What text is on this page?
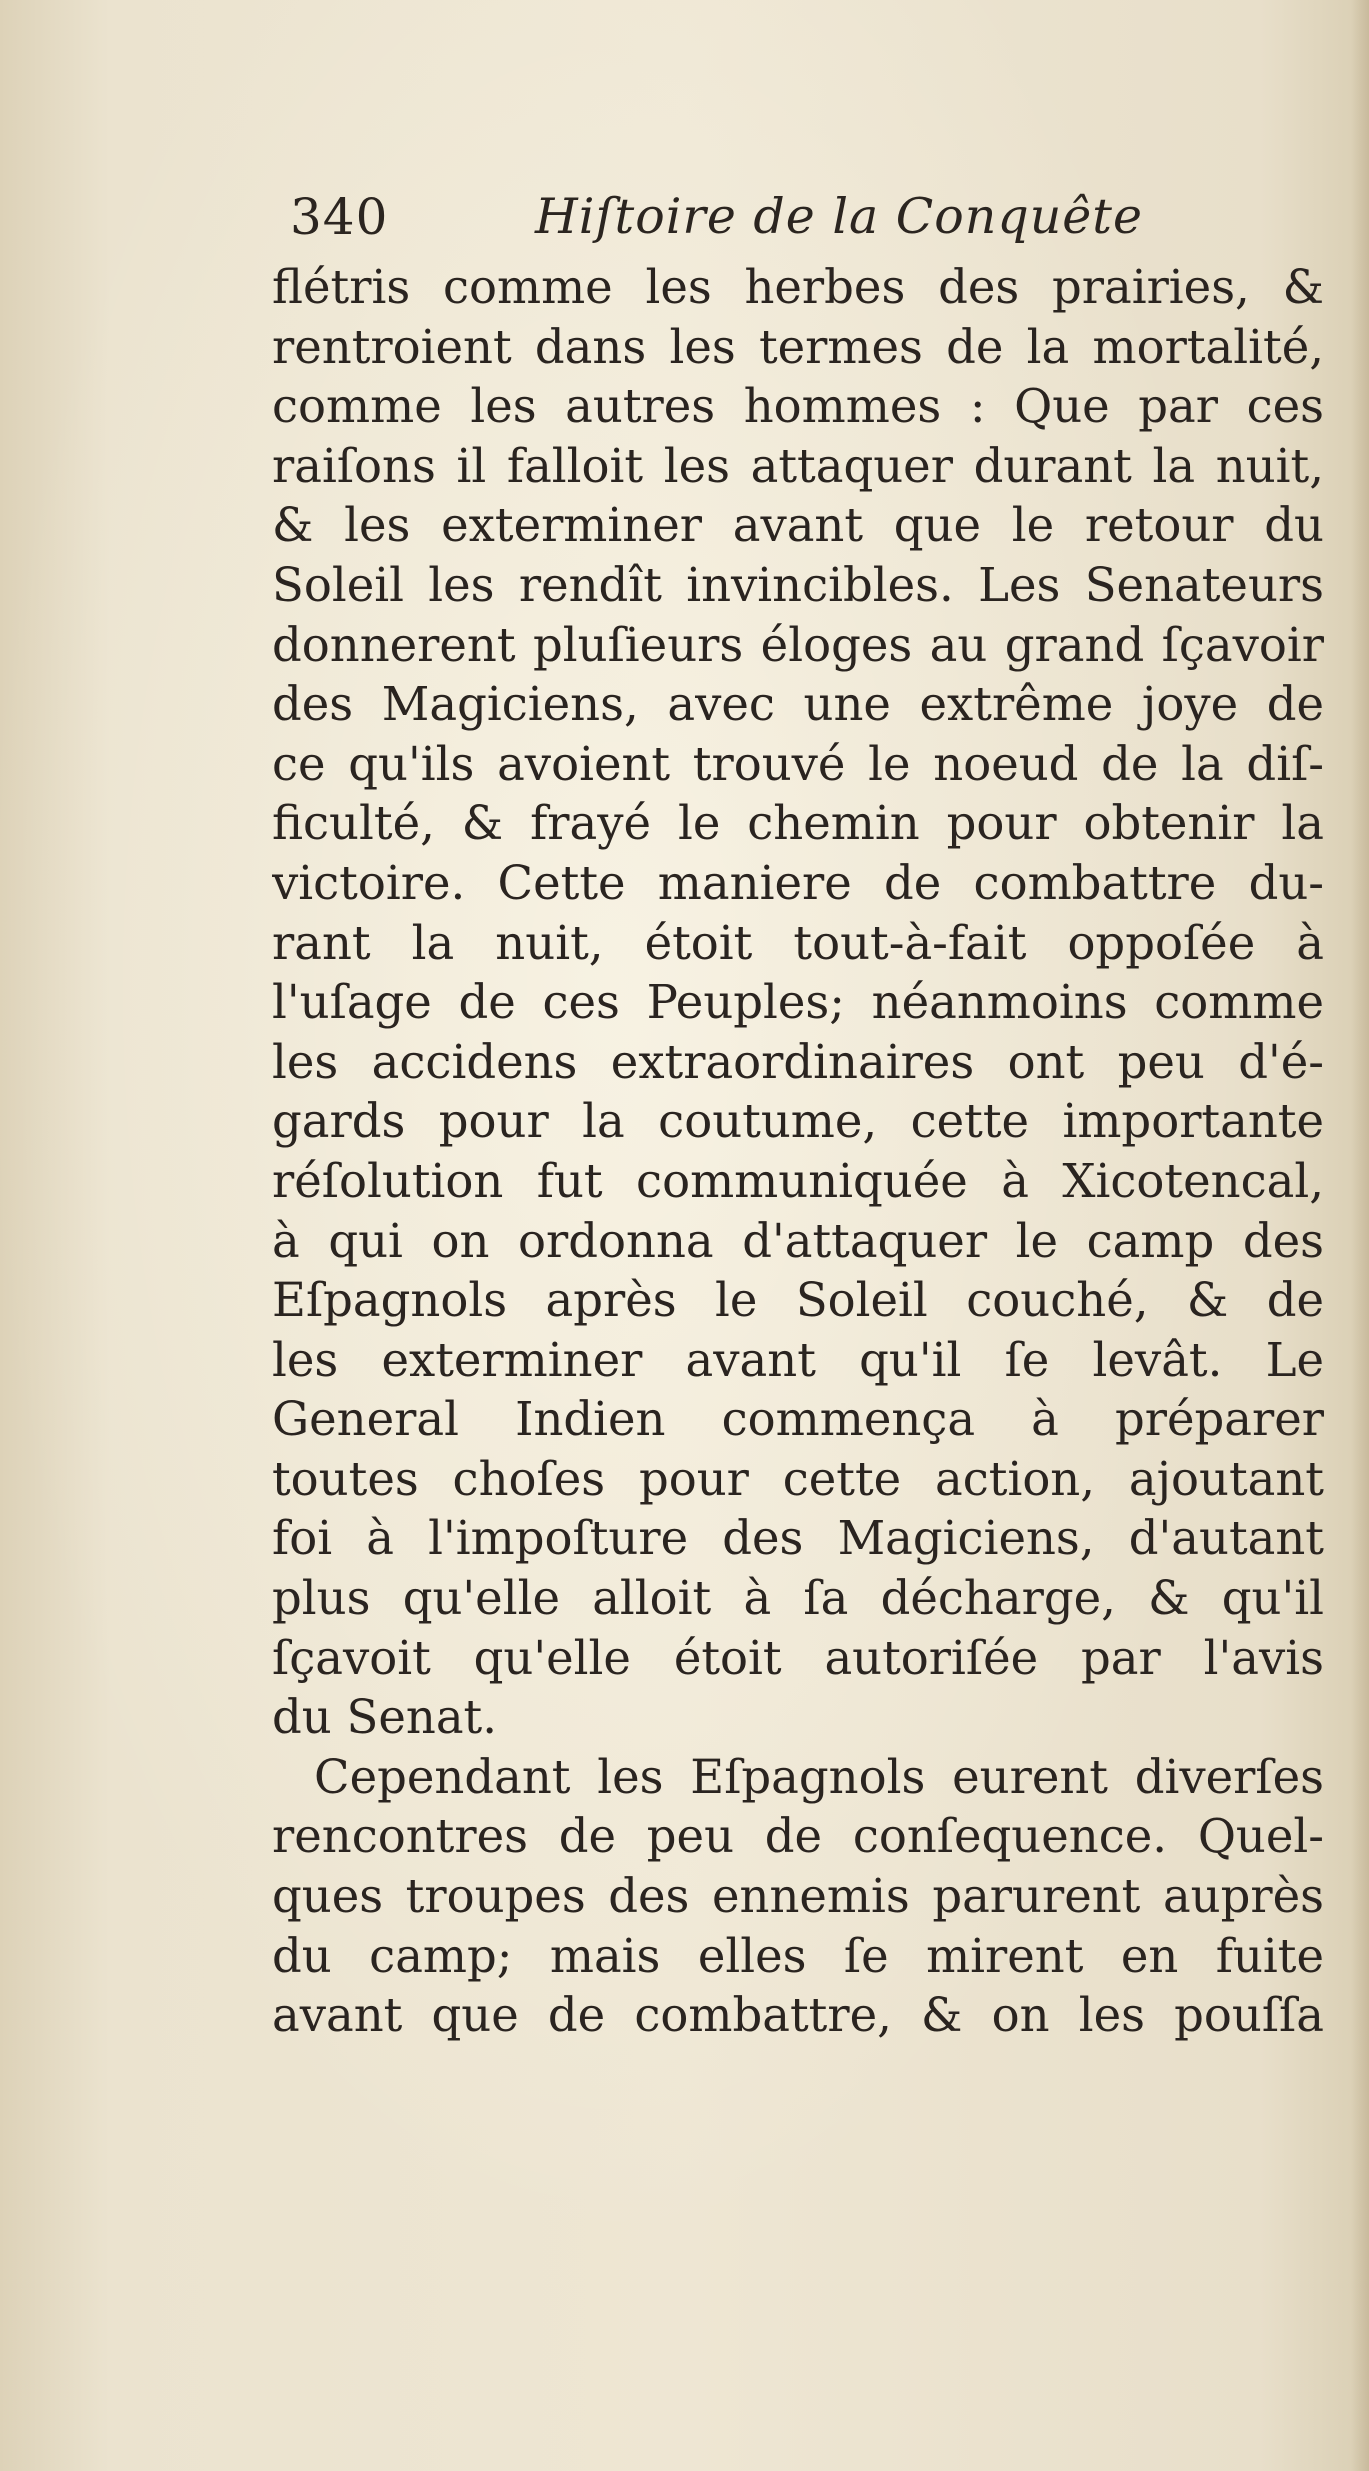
340	Hiſtoire de la Conquête
flétris comme les herbes des prairies, &
rentroient dans les termes de la mortalité,
comme les autres hommes : Que par ces
raiſons il falloit les attaquer durant la nuit,
& les exterminer avant que le retour du
Soleil les rendît invincibles. Les Senateurs
donnerent pluſieurs éloges au grand ſçavoir
des Magiciens, avec une extrême joye de
ce qu'ils avoient trouvé le noeud de la diſ-
ficulté, & frayé le chemin pour obtenir la
victoire. Cette maniere de combattre du-
rant la nuit, étoit tout-à-fait oppoſée à
l'uſage de ces Peuples; néanmoins comme
les accidens extraordinaires ont peu d'é-
gards pour la coutume, cette importante
réſolution fut communiquée à Xicotencal,
à qui on ordonna d'attaquer le camp des
Eſpagnols après le Soleil couché, & de
les exterminer avant qu'il ſe levât. Le
General Indien commença à préparer
toutes choſes pour cette action, ajoutant
foi à l'impoſture des Magiciens, d'autant
plus qu'elle alloit à ſa décharge, & qu'il
ſçavoit qu'elle étoit autoriſée par l'avis
du Senat.
Cependant les Eſpagnols eurent diverſes
rencontres de peu de conſequence. Quel-
ques troupes des ennemis parurent auprès
du camp; mais elles ſe mirent en fuite
avant que de combattre, & on les pouſſa
